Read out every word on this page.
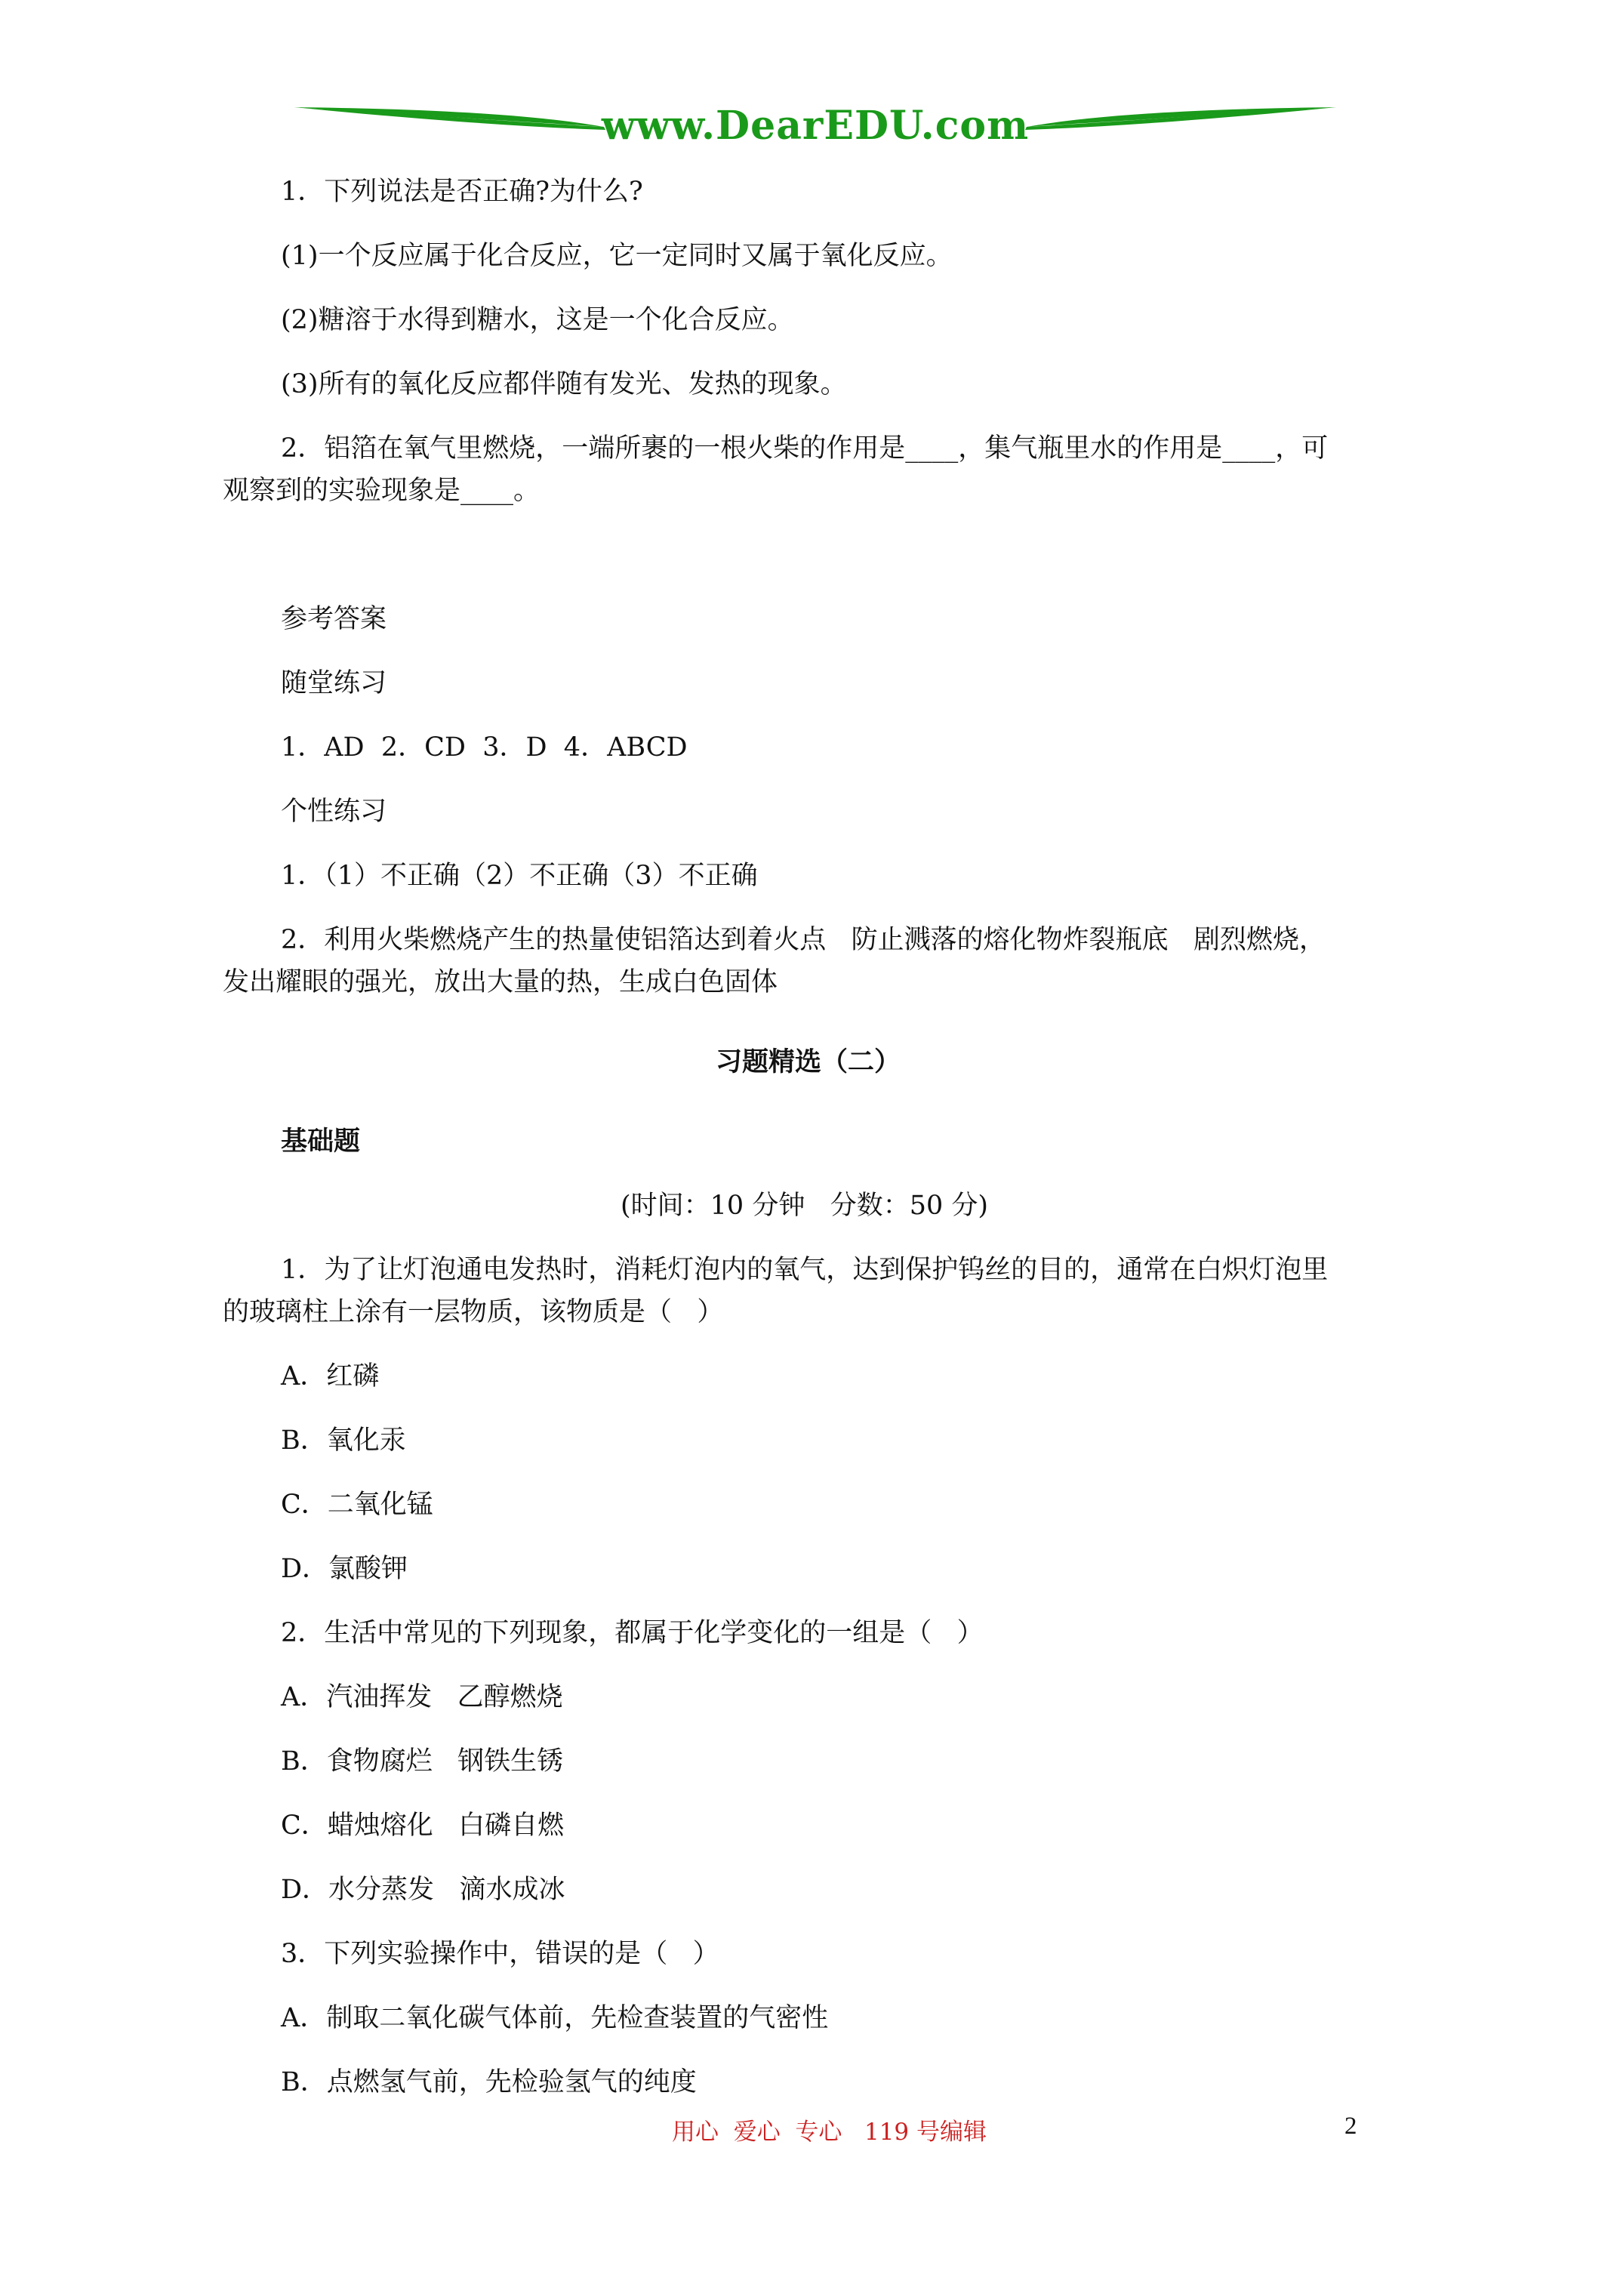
www.DearEDU.com
1．下列说法是否正确?为什么?
(1)一个反应属于化合反应，它一定同时又属于氧化反应。
(2)糖溶于水得到糖水，这是一个化合反应。
(3)所有的氧化反应都伴随有发光、发热的现象。
2．铝箔在氧气里燃烧，一端所裹的一根火柴的作用是____，集气瓶里水的作用是____，可
观察到的实验现象是____。
参考答案
随堂练习
1．AD  2．CD  3．D  4．ABCD
个性练习
1．（1）不正确（2）不正确（3）不正确
2．利用火柴燃烧产生的热量使铝箔达到着火点   防止溅落的熔化物炸裂瓶底   剧烈燃烧，
发出耀眼的强光，放出大量的热，生成白色固体
习题精选（二）
基础题
(时间：10 分钟   分数：50 分)
1．为了让灯泡通电发热时，消耗灯泡内的氧气，达到保护钨丝的目的，通常在白炽灯泡里
的玻璃柱上涂有一层物质，该物质是（   ）
A．红磷
B．氧化汞
C．二氧化锰
D．氯酸钾
2．生活中常见的下列现象，都属于化学变化的一组是（   ）
A．汽油挥发   乙醇燃烧
B．食物腐烂   钢铁生锈
C．蜡烛熔化   白磷自燃
D．水分蒸发   滴水成冰
3．下列实验操作中，错误的是（   ）
A．制取二氧化碳气体前，先检查装置的气密性
B．点燃氢气前，先检验氢气的纯度
用心  爱心  专心   119 号编辑	2
